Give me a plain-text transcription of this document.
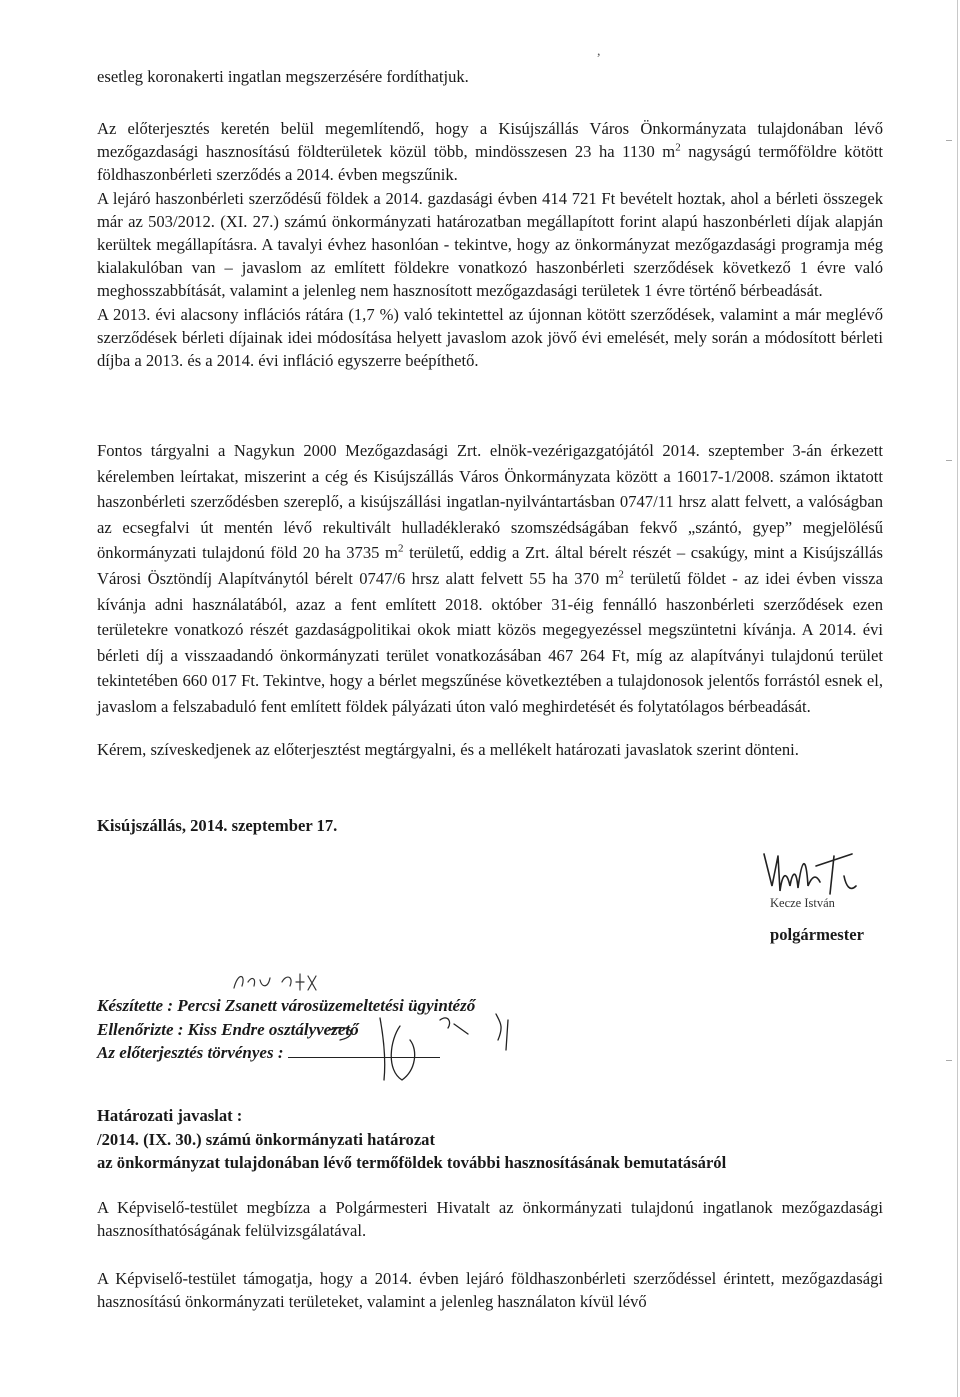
,

esetleg koronakerti ingatlan megszerzésére fordíthatjuk.

Az előterjesztés keretén belül megemlítendő, hogy a Kisújszállás Város Önkormányzata tulajdonában lévő mezőgazdasági hasznosítású földterületek közül több, mindösszesen 23 ha 1130 $m^2$ nagyságú termőföldre kötött földhaszonbérleti szerződés a 2014. évben megszűnik.
A lejáró haszonbérleti szerződésű földek a 2014. gazdasági évben 414 721 Ft bevételt hoztak, ahol a bérleti összegek már az 503/2012. (XI. 27.) számú önkormányzati határozatban megállapított forint alapú haszonbérleti díjak alapján kerültek megállapításra. A tavalyi évhez hasonlóan - tekintve, hogy az önkormányzat mezőgazdasági programja még kialakulóban van – javaslom az említett földekre vonatkozó haszonbérleti szerződések következő 1 évre való meghosszabbítását, valamint a jelenleg nem hasznosított mezőgazdasági területek 1 évre történő bérbeadását.
A 2013. évi alacsony inflációs rátára (1,7 %) való tekintettel az újonnan kötött szerződések, valamint a már meglévő szerződések bérleti díjainak idei módosítása helyett javaslom azok jövő évi emelését, mely során a módosított bérleti díjba a 2013. és a 2014. évi infláció egyszerre beépíthető.
Fontos tárgyalni a Nagykun 2000 Mezőgazdasági Zrt. elnök-vezérigazgatójától 2014. szeptember 3-án érkezett kérelemben leírtakat, miszerint a cég és Kisújszállás Város Önkormányzata között a 16017-1/2008. számon iktatott haszonbérleti szerződésben szereplő, a kisújszállási ingatlan-nyilvántartásban 0747/11 hrsz alatt felvett, a valóságban az ecsegfalvi út mentén lévő rekultivált hulladéklerakó szomszédságában fekvő „szántó, gyep” megjelölésű önkormányzati tulajdonú föld 20 ha 3735 $m^2$ területű, eddig a Zrt. által bérelt részét – csakúgy, mint a Kisújszállás Városi Ösztöndíj Alapítványtól bérelt 0747/6 hrsz alatt felvett 55 ha 370 $m^2$ területű földet - az idei évben vissza kívánja adni használatából, azaz a fent említett 2018. október 31-éig fennálló haszonbérleti szerződések ezen területekre vonatkozó részét gazdaságpolitikai okok miatt közös megegyezéssel megszüntetni kívánja. A 2014. évi bérleti díj a visszaadandó önkormányzati terület vonatkozásában 467 264 Ft, míg az alapítványi tulajdonú terület tekintetében 660 017 Ft. Tekintve, hogy a bérlet megszűnése következtében a tulajdonosok jelentős forrástól esnek el, javaslom a felszabaduló fent említett földek pályázati úton való meghirdetését és folytatólagos bérbeadását.

Kérem, szíveskedjenek az előterjesztést megtárgyalni, és a mellékelt határozati javaslatok szerint dönteni.

Kisújszállás, 2014. szeptember 17.

Kecze István
polgármester
Készítette : Percsi Zsanett városüzemeltetési ügyintéző
Ellenőrizte : Kiss Endre osztályvezető
Az előterjesztés törvényes :
Határozati javaslat :
/2014. (IX. 30.) számú önkormányzati határozat
az önkormányzat tulajdonában lévő termőföldek további hasznosításának bemutatásáról

A Képviselő-testület megbízza a Polgármesteri Hivatalt az önkormányzati tulajdonú ingatlanok mezőgazdasági hasznosíthatóságának felülvizsgálatával.

A Képviselő-testület támogatja, hogy a 2014. évben lejáró földhaszonbérleti szerződéssel érintett, mezőgazdasági hasznosítású önkormányzati területeket, valamint a jelenleg használaton kívül lévő
